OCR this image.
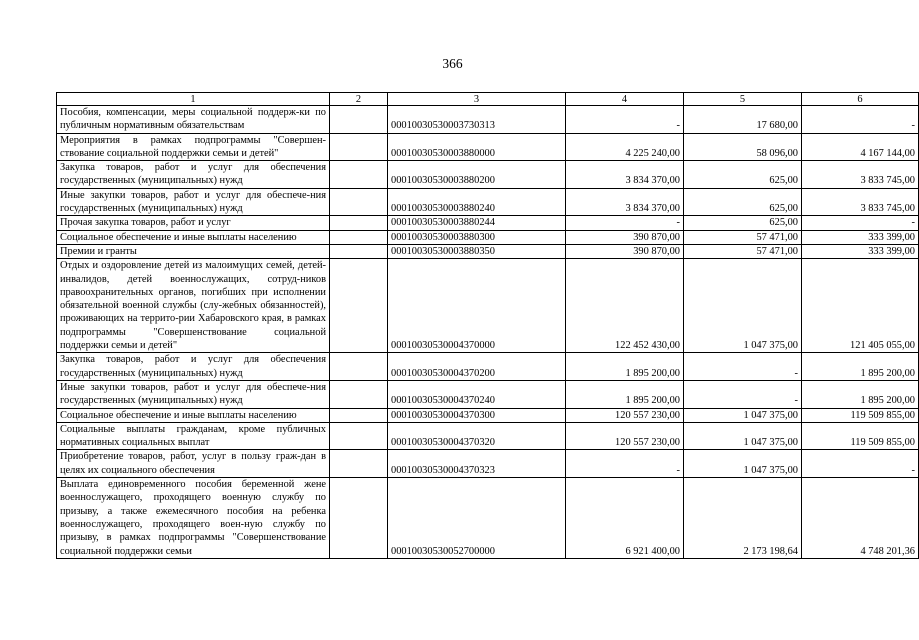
366
1	2	3	4	5	6
Пособия, компенсации, меры социальной поддерж-ки по публичным нормативным обязательствам		00010030530003730313	-	17 680,00	-
Мероприятия в рамках подпрограммы "Совершен-ствование социальной поддержки семьи и детей"		00010030530003880000	4 225 240,00	58 096,00	4 167 144,00
Закупка товаров, работ и услуг для обеспечения государственных (муниципальных) нужд		00010030530003880200	3 834 370,00	625,00	3 833 745,00
Иные закупки товаров, работ и услуг для обеспече-ния государственных (муниципальных) нужд		00010030530003880240	3 834 370,00	625,00	3 833 745,00
Прочая закупка товаров, работ и услуг		00010030530003880244	-	625,00	-
Социальное обеспечение и иные выплаты населению		00010030530003880300	390 870,00	57 471,00	333 399,00
Премии и гранты		00010030530003880350	390 870,00	57 471,00	333 399,00
Отдых и оздоровление детей из малоимущих семей, детей-инвалидов, детей военнослужащих, сотруд-ников правоохранительных органов, погибших при исполнении обязательной военной службы (слу-жебных обязанностей), проживающих на террито-рии Хабаровского края, в рамках подпрограммы "Совершенствование социальной поддержки семьи и детей"		00010030530004370000	122 452 430,00	1 047 375,00	121 405 055,00
Закупка товаров, работ и услуг для обеспечения государственных (муниципальных) нужд		00010030530004370200	1 895 200,00	-	1 895 200,00
Иные закупки товаров, работ и услуг для обеспече-ния государственных (муниципальных) нужд		00010030530004370240	1 895 200,00	-	1 895 200,00
Социальное обеспечение и иные выплаты населению		00010030530004370300	120 557 230,00	1 047 375,00	119 509 855,00
Социальные выплаты гражданам, кроме публичных нормативных социальных выплат		00010030530004370320	120 557 230,00	1 047 375,00	119 509 855,00
Приобретение товаров, работ, услуг в пользу граж-дан в целях их социального обеспечения		00010030530004370323	-	1 047 375,00	-
Выплата единовременного пособия беременной жене военнослужащего, проходящего военную службу по призыву, а также ежемесячного пособия на ребенка военнослужащего, проходящего воен-ную службу по призыву, в рамках подпрограммы "Совершенствование социальной поддержки семьи		00010030530052700000	6 921 400,00	2 173 198,64	4 748 201,36
